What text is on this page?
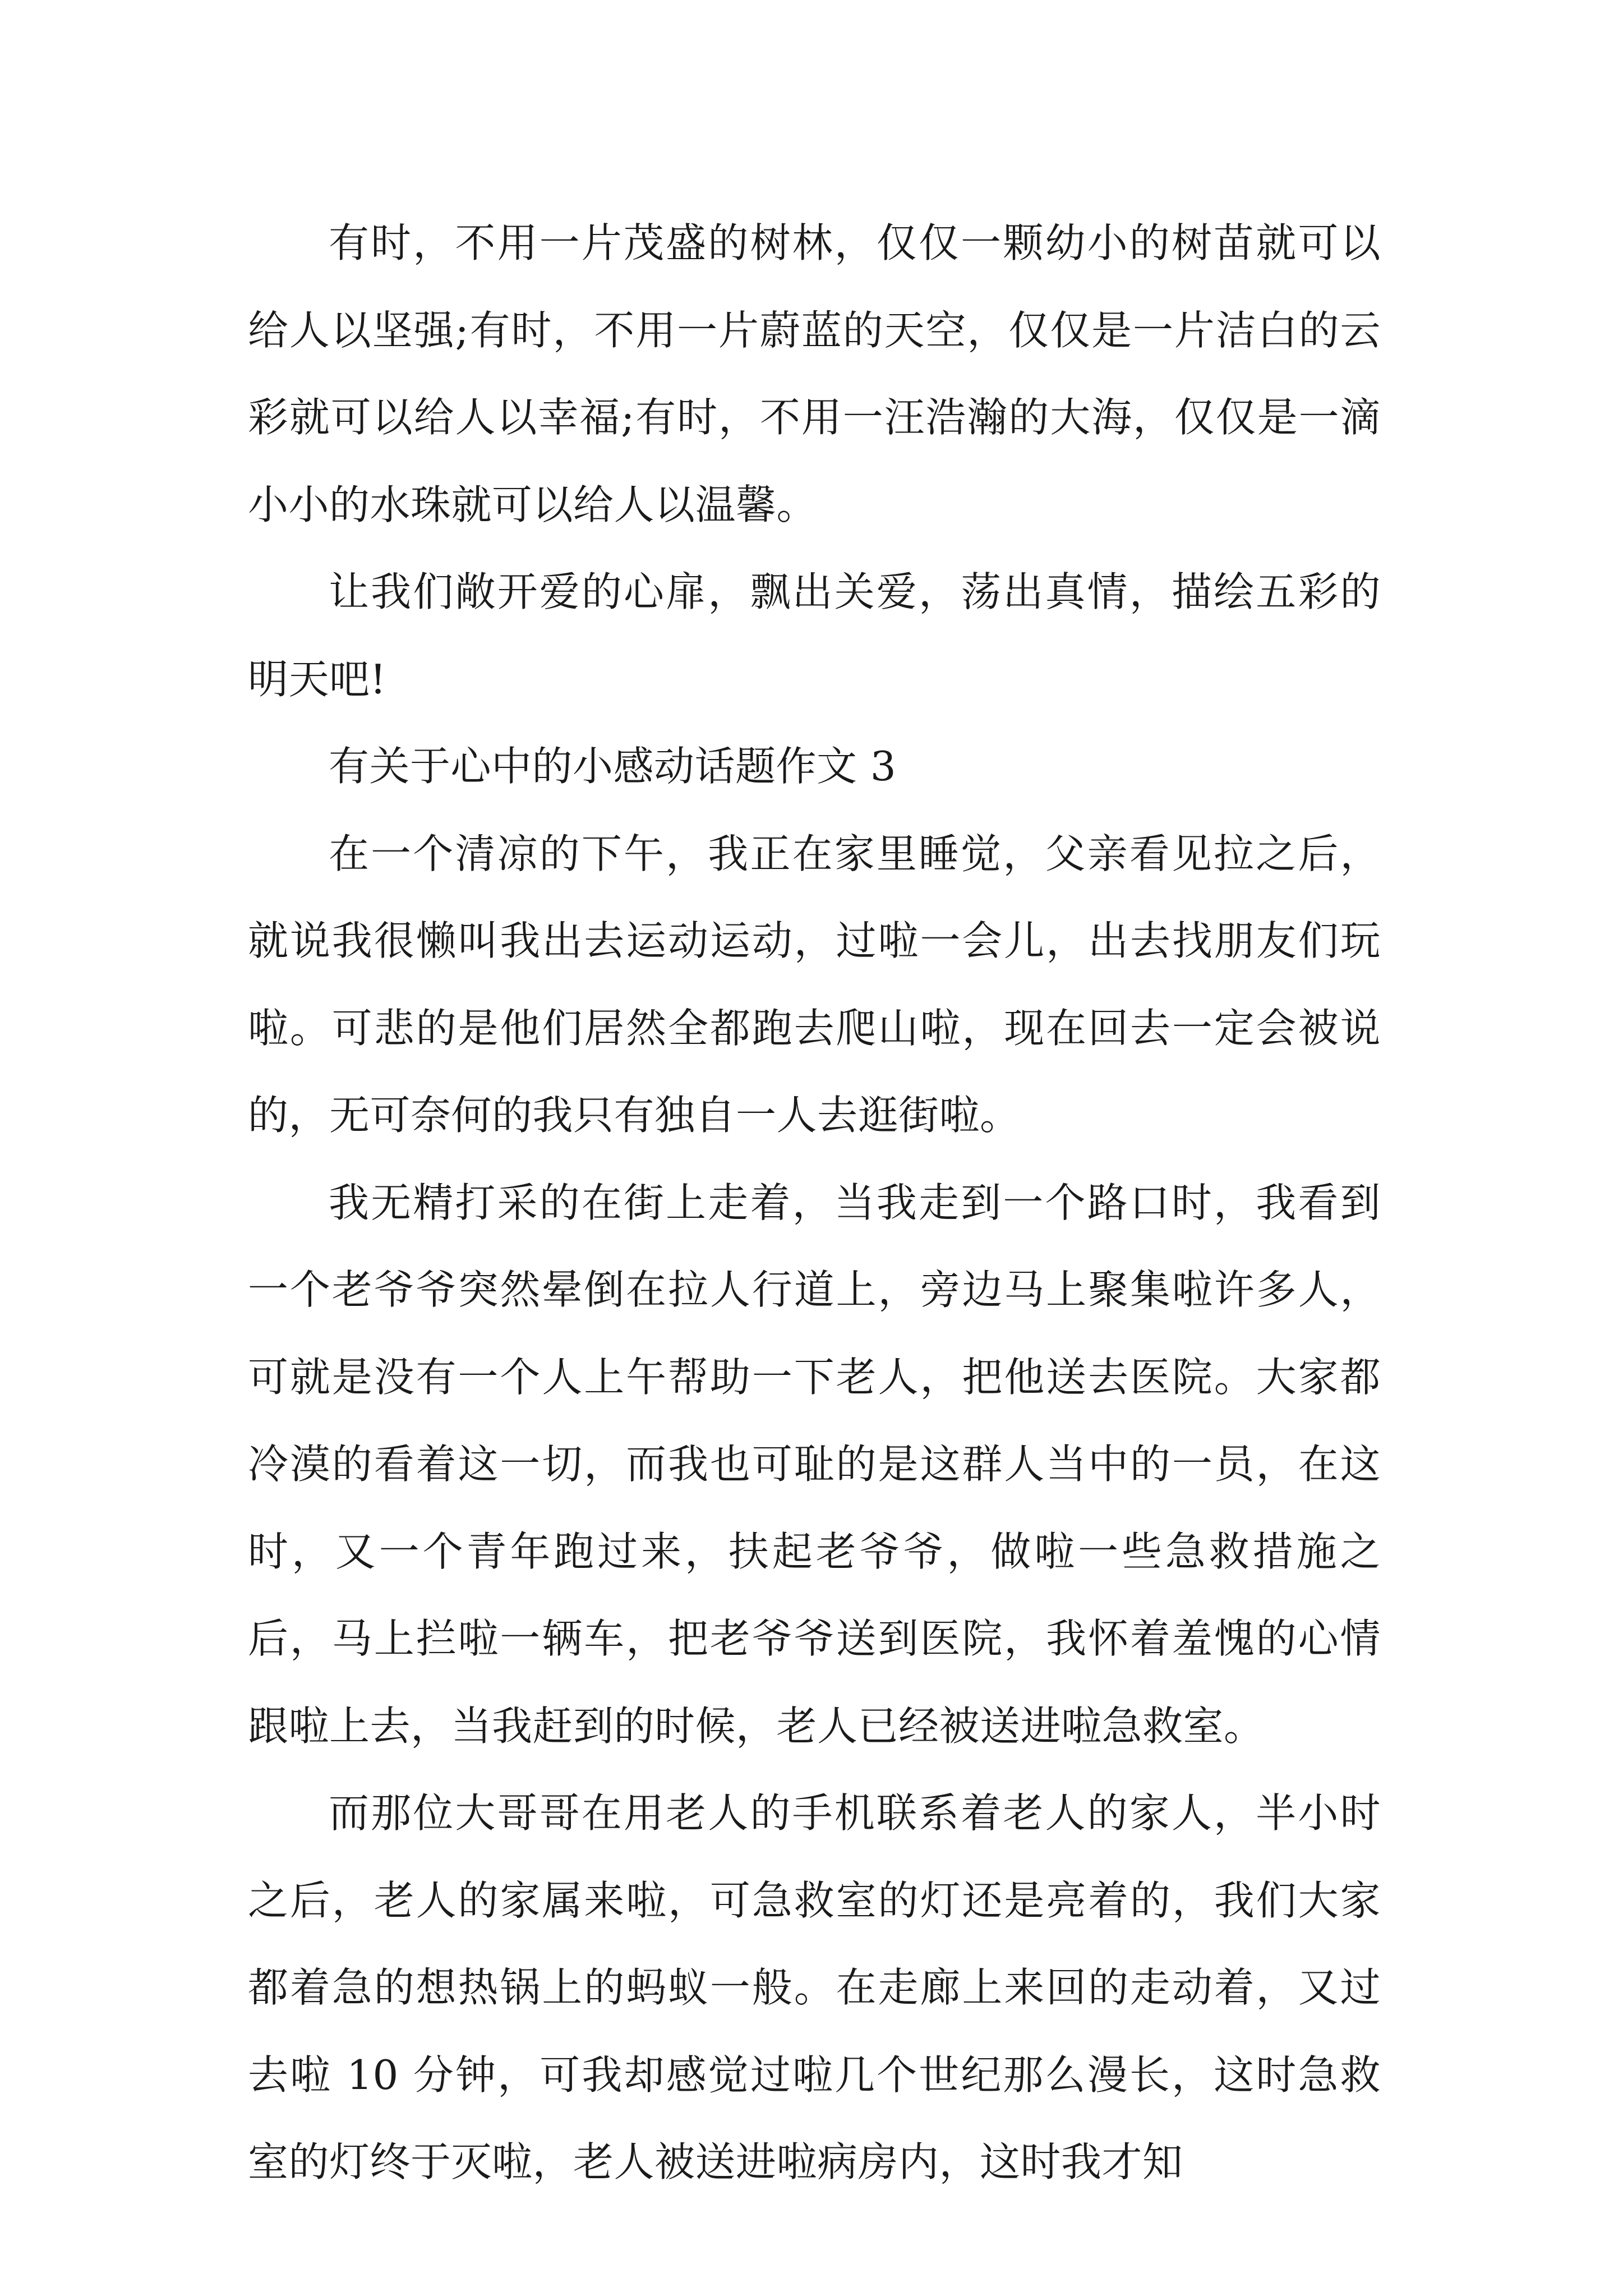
有时，不用一片茂盛的树林，仅仅一颗幼小的树苗就可以给人以坚强;有时，不用一片蔚蓝的天空，仅仅是一片洁白的云彩就可以给人以幸福;有时，不用一汪浩瀚的大海，仅仅是一滴小小的水珠就可以给人以温馨。

让我们敞开爱的心扉，飘出关爱，荡出真情，描绘五彩的明天吧!

有关于心中的小感动话题作文 3

在一个清凉的下午，我正在家里睡觉，父亲看见拉之后，就说我很懒叫我出去运动运动，过啦一会儿，出去找朋友们玩啦。可悲的是他们居然全都跑去爬山啦，现在回去一定会被说的，无可奈何的我只有独自一人去逛街啦。

我无精打采的在街上走着，当我走到一个路口时，我看到一个老爷爷突然晕倒在拉人行道上，旁边马上聚集啦许多人，可就是没有一个人上午帮助一下老人，把他送去医院。大家都冷漠的看着这一切，而我也可耻的是这群人当中的一员，在这时，又一个青年跑过来，扶起老爷爷，做啦一些急救措施之后，马上拦啦一辆车，把老爷爷送到医院，我怀着羞愧的心情跟啦上去，当我赶到的时候，老人已经被送进啦急救室。

而那位大哥哥在用老人的手机联系着老人的家人，半小时之后，老人的家属来啦，可急救室的灯还是亮着的，我们大家都着急的想热锅上的蚂蚁一般。在走廊上来回的走动着，又过去啦 10 分钟，可我却感觉过啦几个世纪那么漫长，这时急救室的灯终于灭啦，老人被送进啦病房内，这时我才知
